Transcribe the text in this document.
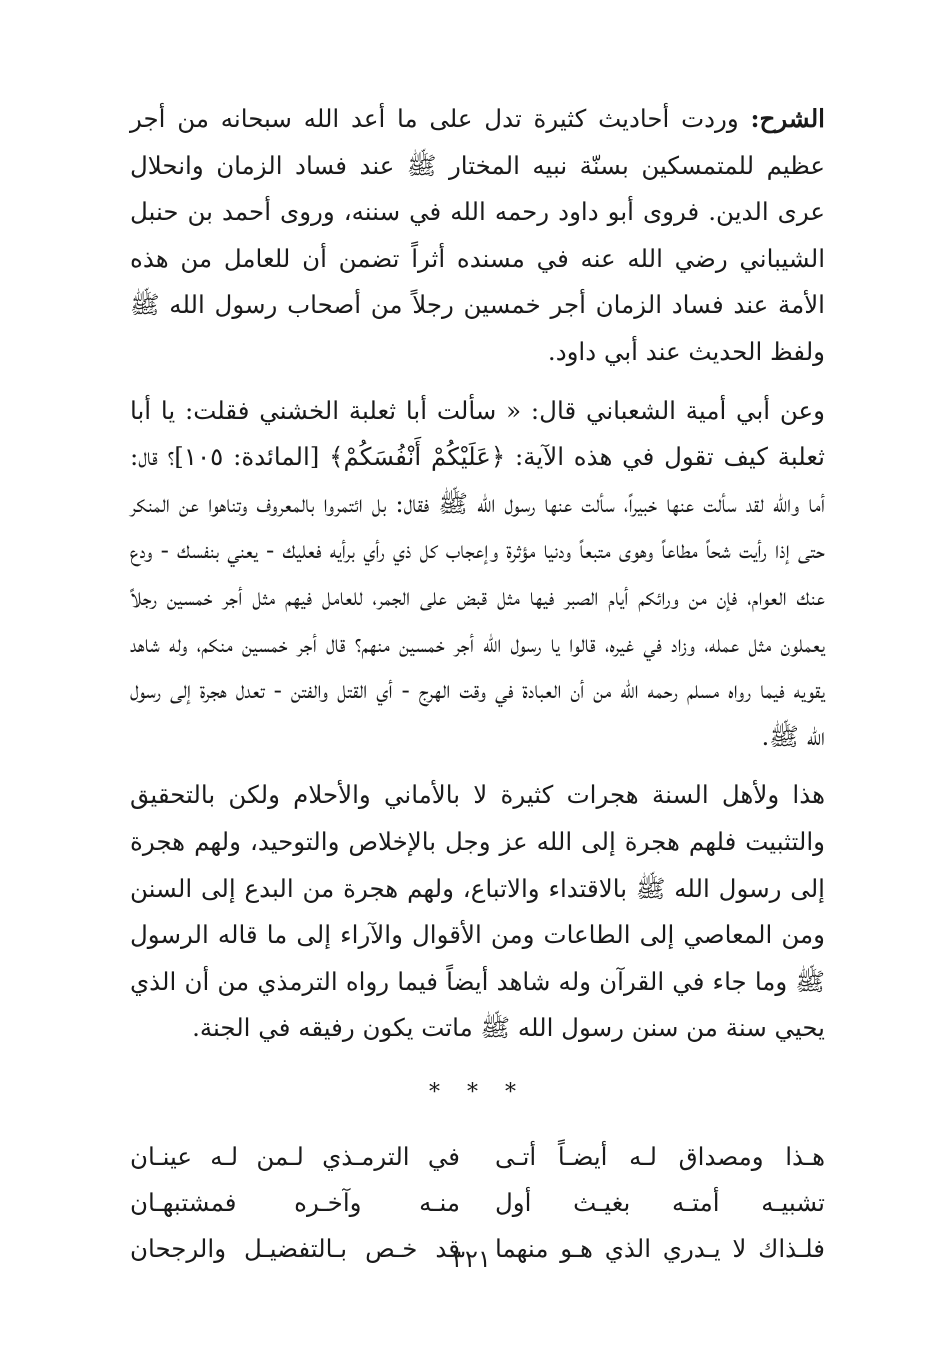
الشرح: وردت أحاديث كثيرة تدل على ما أعد الله سبحانه من أجر عظيم للمتمسكين بسنّة نبيه المختار ﷺ عند فساد الزمان وانحلال عرى الدين. فروى أبو داود رحمه الله في سننه، وروى أحمد بن حنبل الشيباني رضي الله عنه في مسنده أثراً تضمن أن للعامل من هذه الأمة عند فساد الزمان أجر خمسين رجلاً من أصحاب رسول الله ﷺ ولفظ الحديث عند أبي داود.

وعن أبي أمية الشعباني قال: « سألت أبا ثعلبة الخشني فقلت: يا أبا ثعلبة كيف تقول في هذه الآية: ﴿عَلَيْكُمْ أَنْفُسَكُمْ﴾ [المائدة: ١٠٥]؟ قال: أما والله لقد سألت عنها خبيراً، سألت عنها رسول الله ﷺ فقال: بل ائتمروا بالمعروف وتناهوا عن المنكر حتى إذا رأيت شحاً مطاعاً وهوى متبعاً ودنيا مؤثرة وإعجاب كل ذي رأي برأيه فعليك - يعني بنفسك - ودع عنك العوام، فإن من ورائكم أيام الصبر فيها مثل قبض على الجمر، للعامل فيهم مثل أجر خمسين رجلاً يعملون مثل عمله، وزاد في غيره، قالوا يا رسول الله أجر خمسين منهم؟ قال أجر خمسين منكم، وله شاهد يقويه فيما رواه مسلم رحمه الله من أن العبادة في وقت الهرج - أي القتل والفتن - تعدل هجرة إلى رسول الله ﷺ.

هذا ولأهل السنة هجرات كثيرة لا بالأماني والأحلام ولكن بالتحقيق والتثبيت فلهم هجرة إلى الله عز وجل بالإخلاص والتوحيد، ولهم هجرة إلى رسول الله ﷺ بالاقتداء والاتباع، ولهم هجرة من البدع إلى السنن ومن المعاصي إلى الطاعات ومن الأقوال والآراء إلى ما قاله الرسول ﷺ وما جاء في القرآن وله شاهد أيضاً فيما رواه الترمذي من أن الذي يحيي سنة من سنن رسول الله ﷺ ماتت يكون رفيقه في الجنة.

* * *
هـذا ومصداق لـه أيضـاً أتـى
في الترمـذي لـمن لـه عينـان
تشبيـه أمتـه بغيـث أول
منـه وآخـره فمشتبهـان
فلـذاك لا يـدري الذي هـو منهما
قد خـص بـالتفضيـل والرجحان
٣٢١
